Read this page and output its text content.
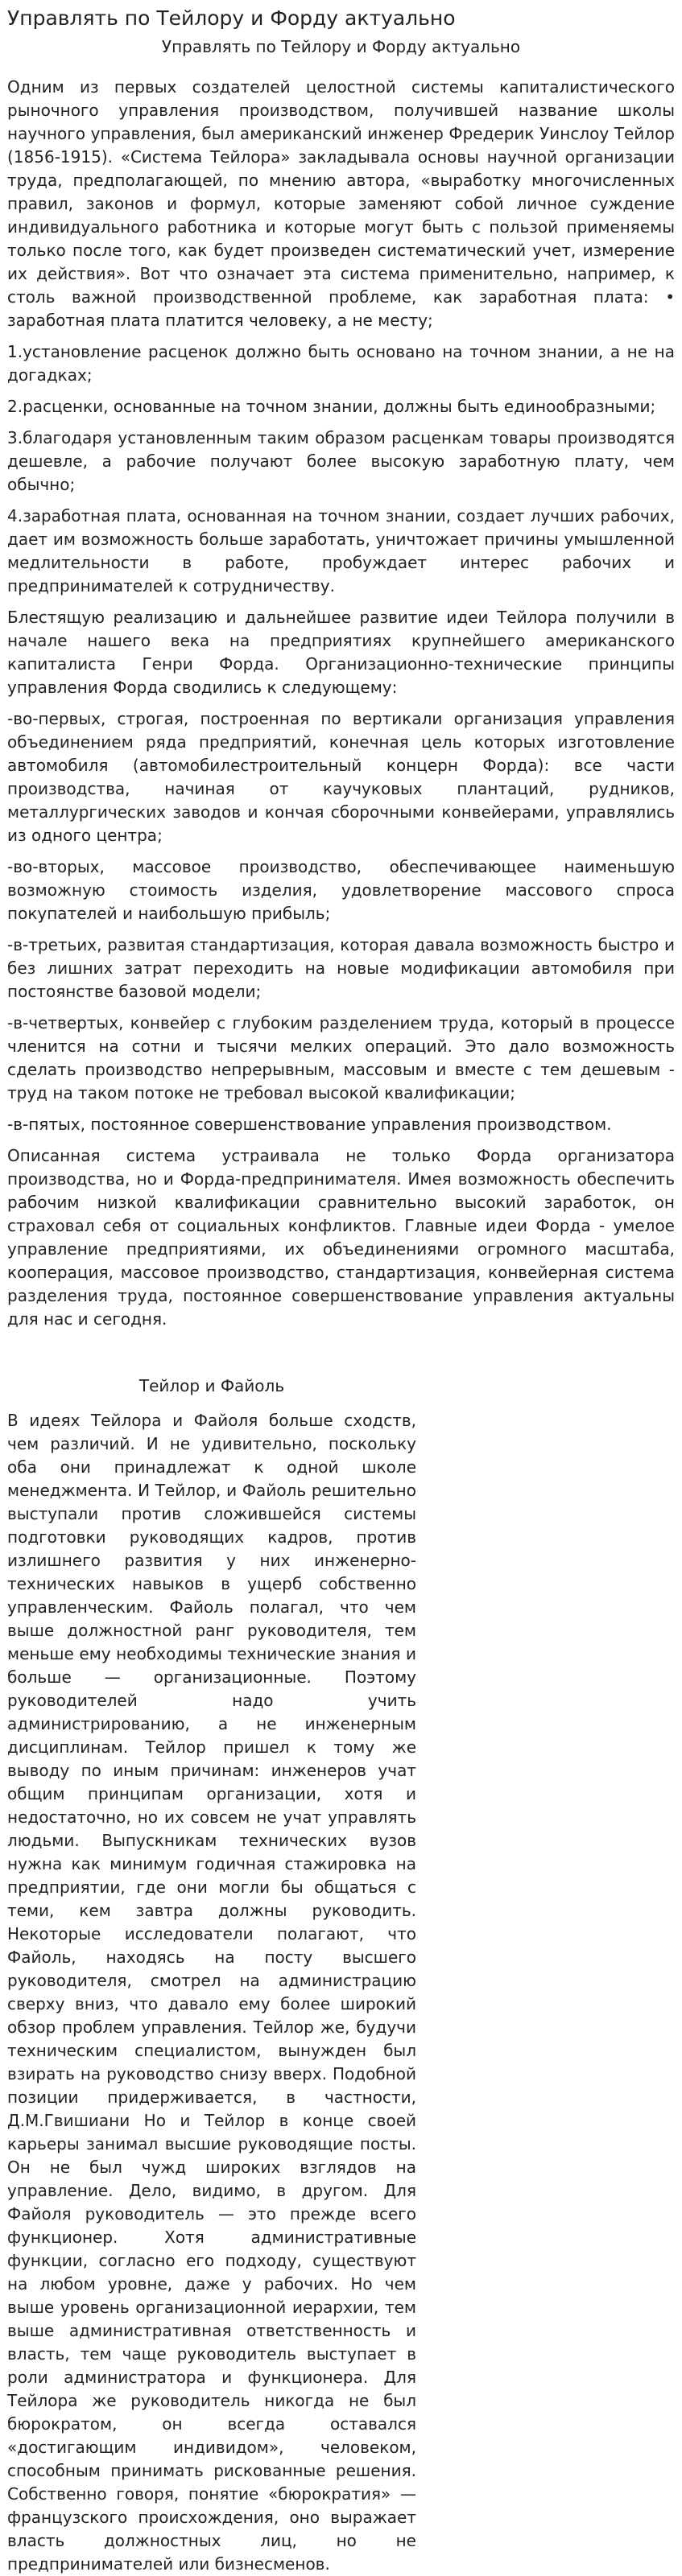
Управлять по Тейлору и Форду актуально
Управлять по Тейлору и Форду актуально

Одним из первых создателей целостной системы капиталистического рыночного управления производством, получившей название школы научного управления, был американский инженер Фредерик Уинслоу Тейлор (1856-1915). «Система Тейлора» закладывала основы научной организации труда, предполагающей, по мнению автора, «выработку многочисленных правил, законов и формул, которые заменяют собой личное суждение индивидуального работника и которые могут быть с пользой применяемы только после того, как будет произведен систематический учет, измерение их действия». Вот что означает эта система применительно, например, к столь важной производственной проблеме, как заработная плата: • заработная плата платится человеку, а не месту;

1.установление расценок должно быть основано на точном знании, а не на догадках;

2.расценки, основанные на точном знании, должны быть единообразными;

3.благодаря установленным таким образом расценкам товары производятся дешевле, а рабочие получают более высокую заработную плату, чем обычно;

4.заработная плата, основанная на точном знании, создает лучших рабочих, дает им возможность больше заработать, уничтожает причины умышленной медлительности в работе, пробуждает интерес рабочих и предпринимателей к сотрудничеству.

Блестящую реализацию и дальнейшее развитие идеи Тейлора получили в начале нашего века на предприятиях крупнейшего американского капиталиста Генри Форда. Организационно-технические принципы управления Форда сводились к следующему:

-во-первых, строгая, построенная по вертикали организация управления объединением ряда предприятий, конечная цель которых изготовление автомобиля (автомобилестроительный концерн Форда): все части производства, начиная от каучуковых плантаций, рудников, металлургических заводов и кончая сборочными конвейерами, управлялись из одного центра;

-во-вторых, массовое производство, обеспечивающее наименьшую возможную стоимость изделия, удовлетворение массового спроса покупателей и наибольшую прибыль;

-в-третьих, развитая стандартизация, которая давала возможность быстро и без лишних затрат переходить на новые модификации автомобиля при постоянстве базовой модели;

-в-четвертых, конвейер с глубоким разделением труда, который в процессе членится на сотни и тысячи мелких операций. Это дало возможность сделать производство непрерывным, массовым и вместе с тем дешевым - труд на таком потоке не требовал высокой квалификации;

-в-пятых, постоянное совершенствование управления производством.

Описанная система устраивала не только Форда организатора производства, но и Форда-предпринимателя. Имея возможность обеспечить рабочим низкой квалификации сравнительно высокий заработок, он страховал себя от социальных конфликтов. Главные идеи Форда - умелое управление предприятиями, их объединениями огромного масштаба, кооперация, массовое производство, стандартизация, конвейерная система разделения труда, постоянное совершенствование управления актуальны для нас и сегодня.

Тейлор и Файоль

В идеях Тейлора и Файоля больше сходств, чем различий. И не удивительно, поскольку оба они принадлежат к одной школе менеджмента. И Тейлор, и Файоль решительно выступали против сложившейся системы подготовки руководящих кадров, против излишнего развития у них инженерно-технических навыков в ущерб собственно управленческим. Файоль полагал, что чем выше должностной ранг руководителя, тем меньше ему необходимы технические знания и больше — организационные. Поэтому руководителей надо учить администрированию, а не инженерным дисциплинам. Тейлор пришел к тому же выводу по иным причинам: инженеров учат общим принципам организации, хотя и недостаточно, но их совсем не учат управлять людьми. Выпускникам технических вузов нужна как минимум годичная стажировка на предприятии, где они могли бы общаться с теми, кем завтра должны руководить. Некоторые исследователи полагают, что Файоль, находясь на посту высшего руководителя, смотрел на администрацию сверху вниз, что давало ему более широкий обзор проблем управления. Тейлор же, будучи техническим специалистом, вынужден был взирать на руководство снизу вверх. Подобной позиции придерживается, в частности, Д.М.Гвишиани Но и Тейлор в конце своей карьеры занимал высшие руководящие посты. Он не был чужд широких взглядов на управление. Дело, видимо, в другом. Для Файоля руководитель — это прежде всего функционер. Хотя административные функции, согласно его подходу, существуют на любом уровне, даже у рабочих. Но чем выше уровень организационной иерархии, тем выше административная ответственность и власть, тем чаще руководитель выступает в роли администратора и функционера. Для Тейлора же руководитель никогда не был бюрократом, он всегда оставался «достигающим индивидом», человеком, способным принимать рискованные решения. Собственно говоря, понятие «бюрократия» — французского происхождения, оно выражает власть должностных лиц, но не предпринимателей или бизнесменов.
